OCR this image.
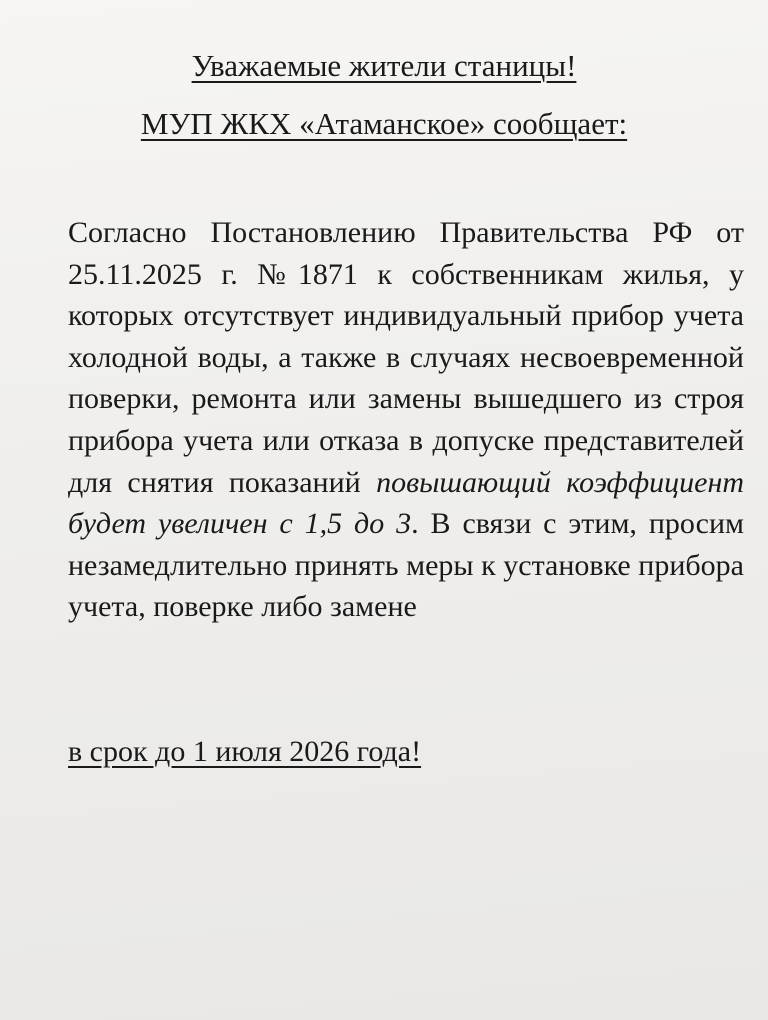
Уважаемые жители станицы!
МУП ЖКХ «Атаманское» сообщает:

Согласно Постановлению Правительства РФ от 25.11.2025 г. №1871 к собственникам жилья, у которых отсутствует индивидуальный прибор учета холодной воды, а также в случаях несвоевременной поверки, ремонта или замены вышедшего из строя прибора учета или отказа в допуске представителей для снятия показаний повышающий коэффициент будет увеличен с 1,5 до 3. В связи с этим, просим незамедлительно принять меры к установке прибора учета, поверке либо замене

в срок до 1 июля 2026 года!
